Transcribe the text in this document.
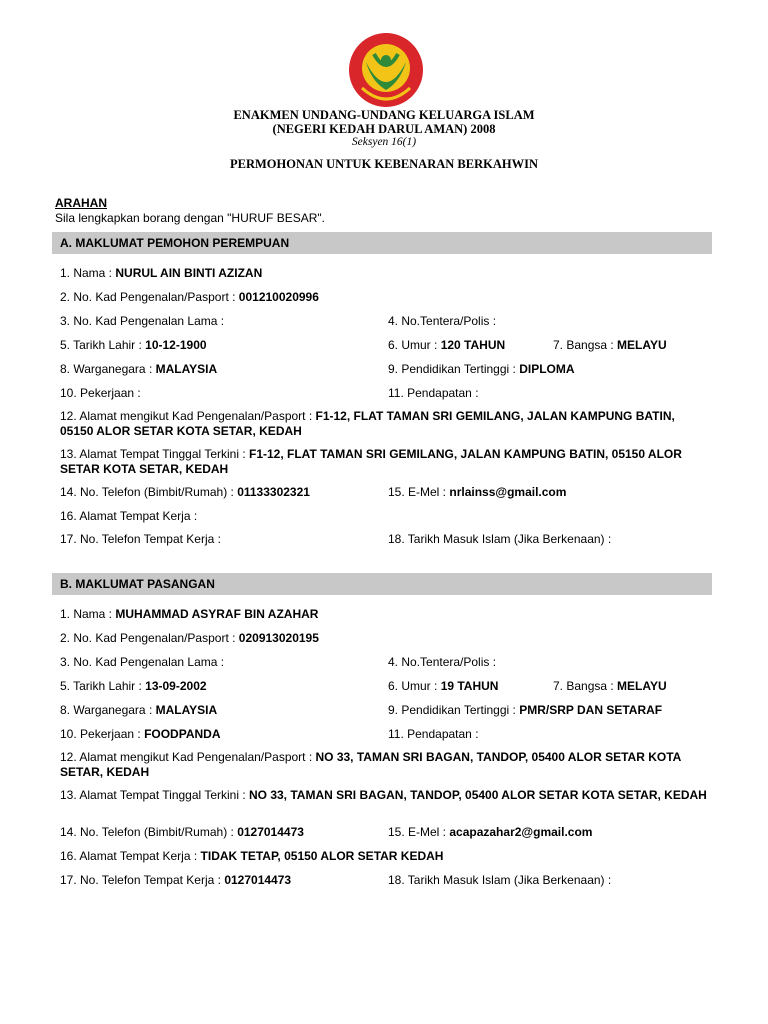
ENAKMEN UNDANG-UNDANG KELUARGA ISLAM
(NEGERI KEDAH DARUL AMAN) 2008
Seksyen 16(1)
PERMOHONAN UNTUK KEBENARAN BERKAHWIN
ARAHAN
Sila lengkapkan borang dengan "HURUF BESAR".
A. MAKLUMAT PEMOHON PEREMPUAN
1. Nama : NURUL AIN BINTI AZIZAN
2. No. Kad Pengenalan/Pasport : 001210020996
3. No. Kad Pengenalan Lama :	4. No.Tentera/Polis :
5. Tarikh Lahir : 10-12-1900	6. Umur : 120 TAHUN	7. Bangsa : MELAYU
8. Warganegara : MALAYSIA	9. Pendidikan Tertinggi : DIPLOMA
10. Pekerjaan :	11. Pendapatan :
12. Alamat mengikut Kad Pengenalan/Pasport : F1-12, FLAT TAMAN SRI GEMILANG, JALAN KAMPUNG BATIN, 05150 ALOR SETAR KOTA SETAR, KEDAH
13. Alamat Tempat Tinggal Terkini : F1-12, FLAT TAMAN SRI GEMILANG, JALAN KAMPUNG BATIN, 05150 ALOR SETAR KOTA SETAR, KEDAH
14. No. Telefon (Bimbit/Rumah) : 01133302321	15. E-Mel : nrlainss@gmail.com
16. Alamat Tempat Kerja :
17. No. Telefon Tempat Kerja :	18. Tarikh Masuk Islam (Jika Berkenaan) :
B. MAKLUMAT PASANGAN
1. Nama : MUHAMMAD ASYRAF BIN AZAHAR
2. No. Kad Pengenalan/Pasport : 020913020195
3. No. Kad Pengenalan Lama :	4. No.Tentera/Polis :
5. Tarikh Lahir : 13-09-2002	6. Umur : 19 TAHUN	7. Bangsa : MELAYU
8. Warganegara : MALAYSIA	9. Pendidikan Tertinggi : PMR/SRP DAN SETARAF
10. Pekerjaan : FOODPANDA	11. Pendapatan :
12. Alamat mengikut Kad Pengenalan/Pasport : NO 33, TAMAN SRI BAGAN, TANDOP, 05400 ALOR SETAR KOTA SETAR, KEDAH
13. Alamat Tempat Tinggal Terkini : NO 33, TAMAN SRI BAGAN, TANDOP, 05400 ALOR SETAR KOTA SETAR, KEDAH
14. No. Telefon (Bimbit/Rumah) : 0127014473	15. E-Mel : acapazahar2@gmail.com
16. Alamat Tempat Kerja : TIDAK TETAP, 05150 ALOR SETAR KEDAH
17. No. Telefon Tempat Kerja : 0127014473	18. Tarikh Masuk Islam (Jika Berkenaan) :
